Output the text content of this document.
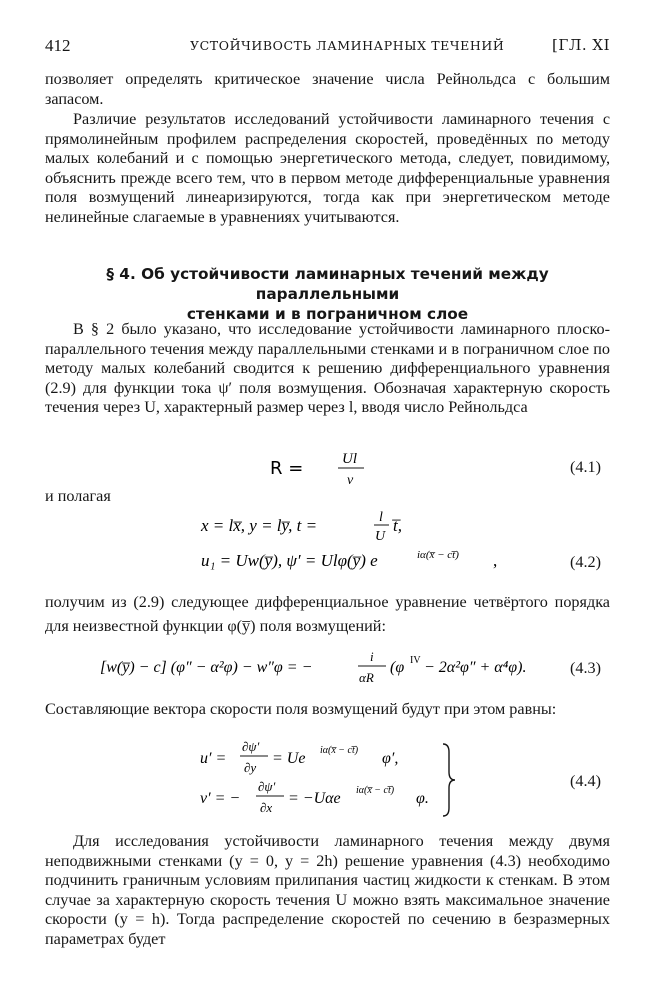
412	УСТОЙЧИВОСТЬ ЛАМИНАРНЫХ ТЕЧЕНИЙ	[ГЛ. XI

позволяет определять критическое значение числа Рейнольдса с большим запасом.

Различие результатов исследований устойчивости ламинарного течения с прямолинейным профилем распределения скоростей, проведённых по методу малых колебаний и с помощью энергетического метода, следует, повидимому, объяснить прежде всего тем, что в первом методе дифференциальные уравнения поля возмущений линеаризируются, тогда как при энергетическом методе нелинейные слагаемые в уравнениях учитываются.

§ 4. Об устойчивости ламинарных течений между параллельными
стенками и в пограничном слое

В § 2 было указано, что исследование устойчивости ламинарного плоско-параллельного течения между параллельными стенками и в пограничном слое по методу малых колебаний сводится к решению дифференциального уравнения (2.9) для функции тока ψ′ поля возмущения. Обозначая характерную скорость течения через U, характерный размер через l, вводя число Рейнольдса

R =	Ul
ν
(4.1)

и полагая

x = lx̅, y = ly̅, t =	l
U
t̅,
u₁ = Uw(y̅), ψ′ = Ulφ(y̅) e	iα(x̅ − ct̅) ,	(4.2)

получим из (2.9) следующее дифференциальное уравнение четвёртого порядка для неизвестной функции φ(y̅) поля возмущений:

[w(y̅) − c] (φ″ − α²φ) − w″φ = −
i
αR
(φ IV − 2α²φ″ + α⁴φ).	(4.3)

Составляющие вектора скорости поля возмущений будут при этом равны:

u′ =
∂ψ′
∂y
= Ue iα(x̅ − ct̅) φ′,
v′ = −
∂ψ′
∂x
= −Uαe iα(x̅ − ct̅) φ.
(4.4)

Для исследования устойчивости ламинарного течения между двумя неподвижными стенками (y = 0, y = 2h) решение уравнения (4.3) необходимо подчинить граничным условиям прилипания частиц жидкости к стенкам. В этом случае за характерную скорость течения U можно взять максимальное значение скорости (y = h). Тогда распределение скоростей по сечению в безразмерных параметрах будет
